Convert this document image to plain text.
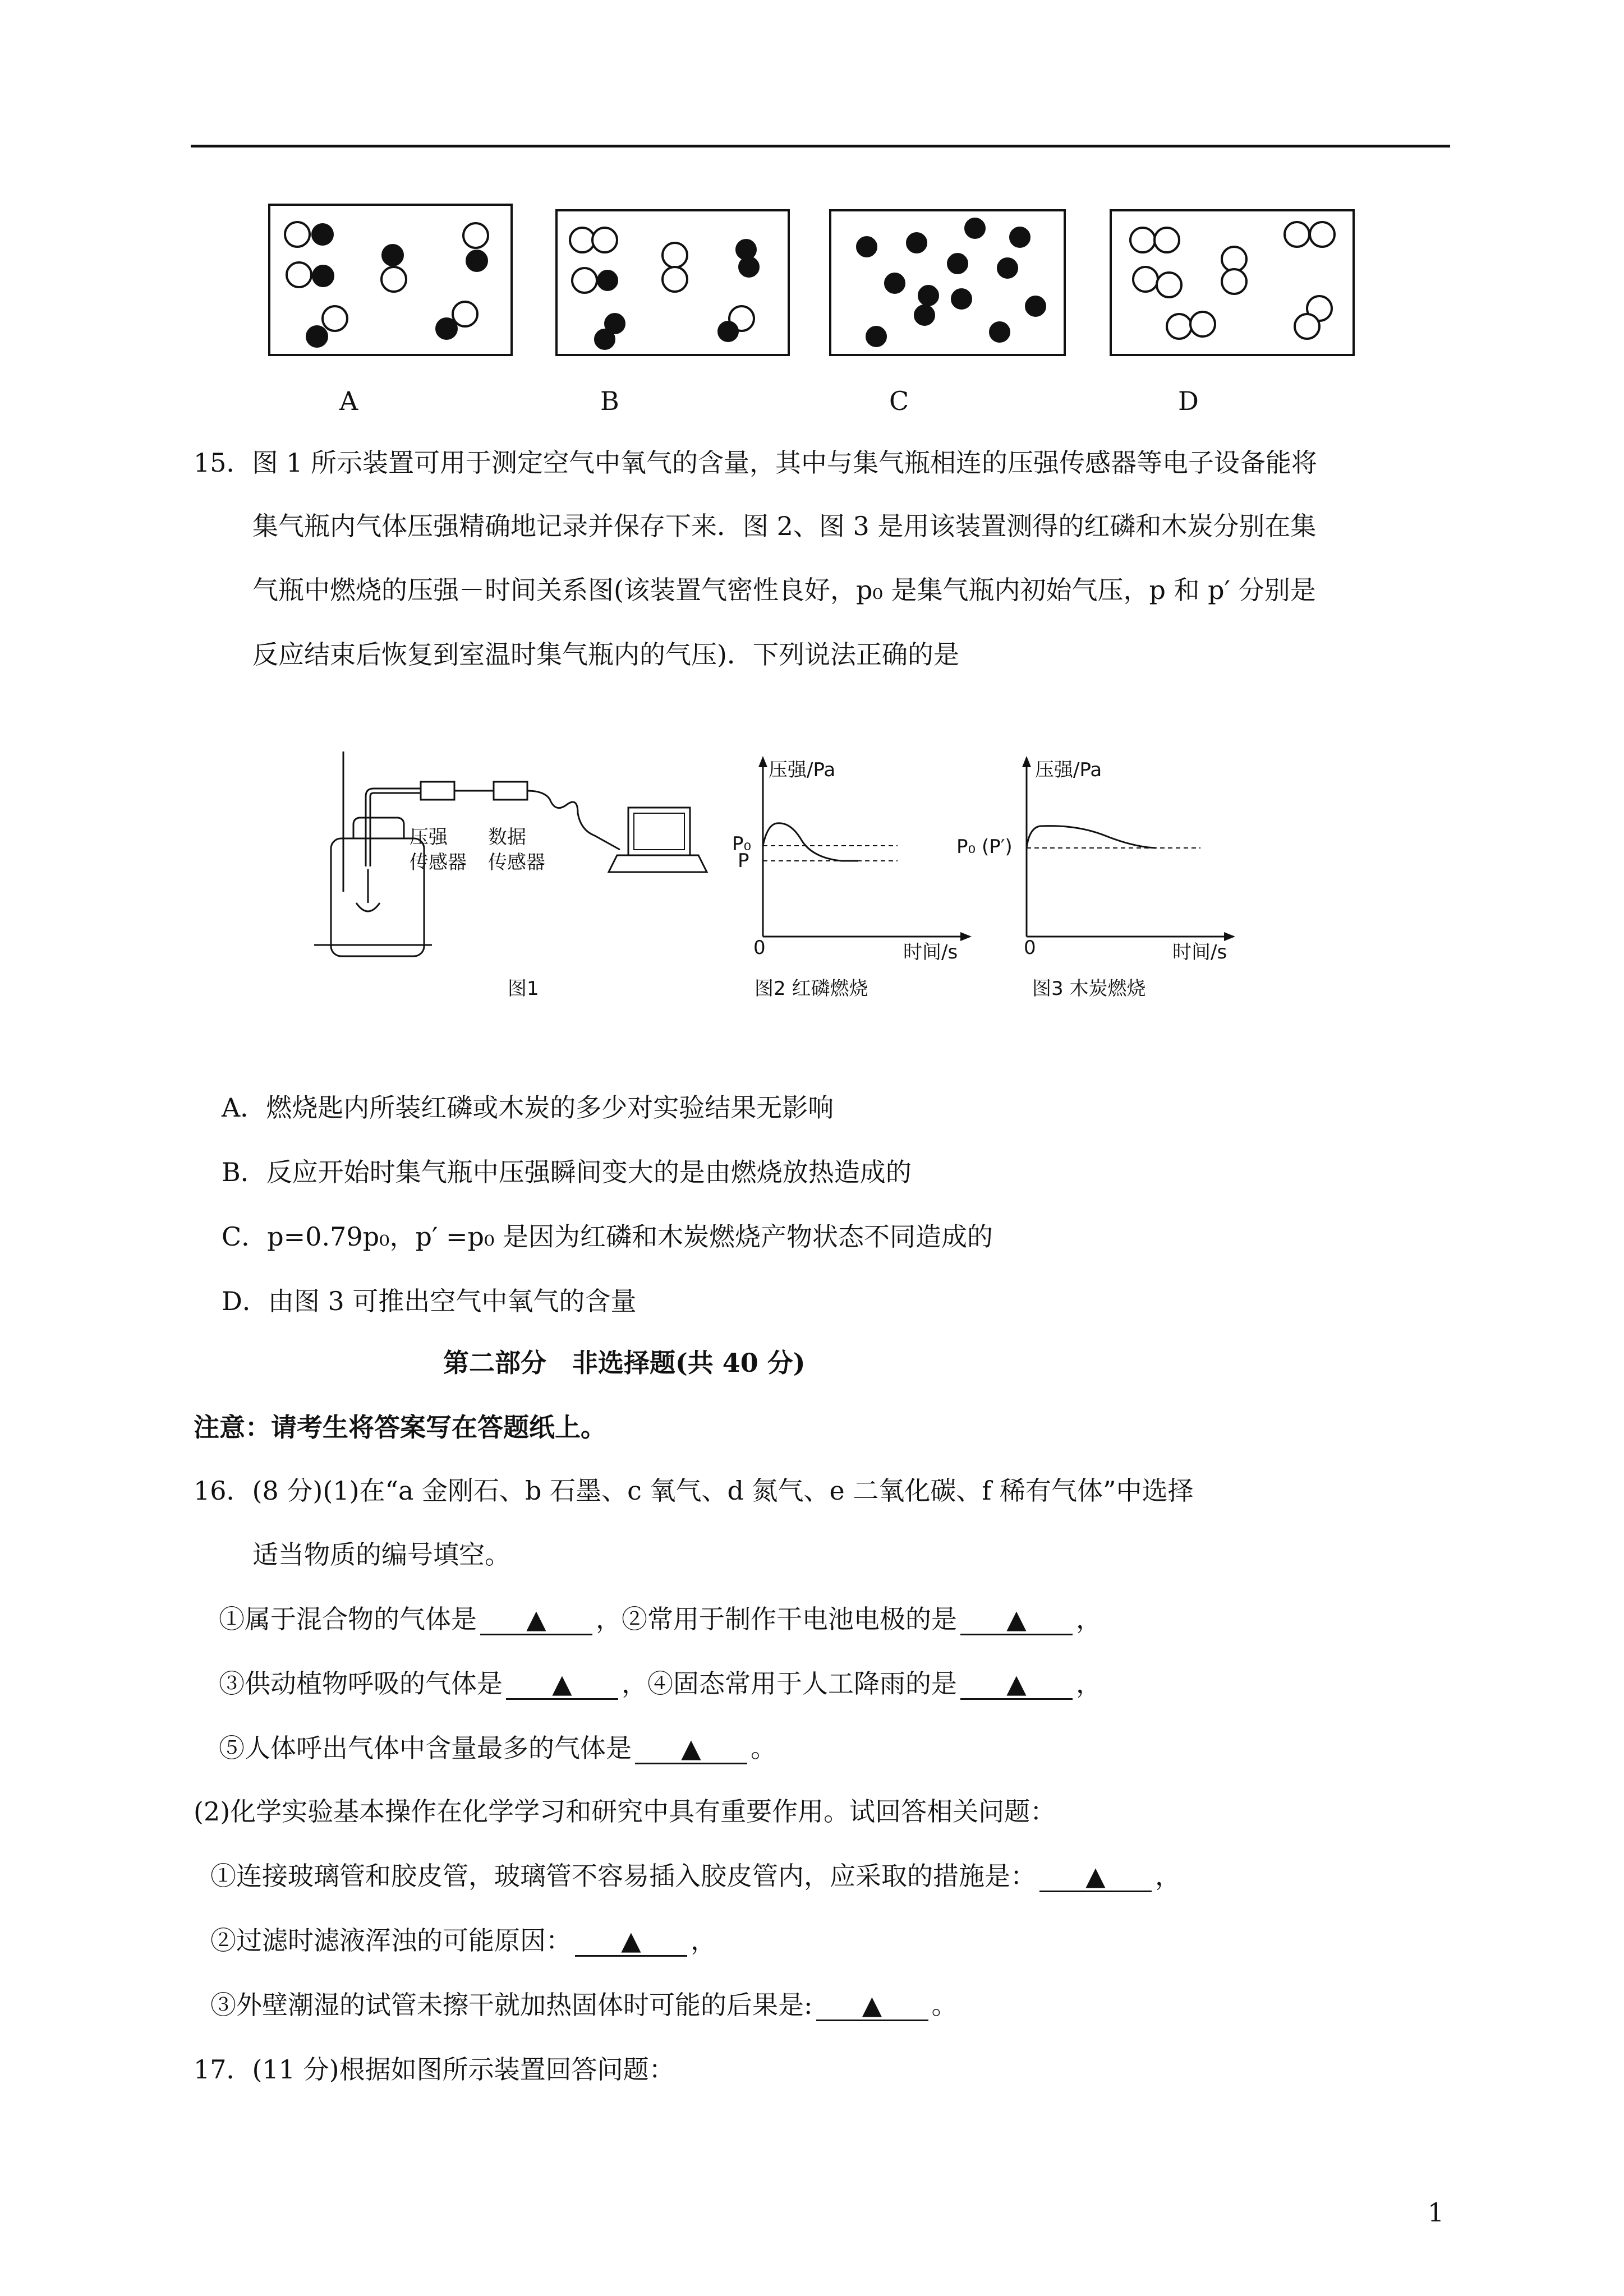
A	B	C	D
15．图 1 所示装置可用于测定空气中氧气的含量，其中与集气瓶相连的压强传感器等电子设备能将
集气瓶内气体压强精确地记录并保存下来．图 2、图 3 是用该装置测得的红磷和木炭分别在集
气瓶中燃烧的压强－时间关系图(该装置气密性良好，p₀ 是集气瓶内初始气压，p 和 p′ 分别是
反应结束后恢复到室温时集气瓶内的气压)．下列说法正确的是
压强
传感器
数据
传感器
图1
压强/Pa
P₀
P
0	时间/s
图2 红磷燃烧
压强/Pa
P₀ (P′)
0	时间/s
图3 木炭燃烧
A．燃烧匙内所装红磷或木炭的多少对实验结果无影响
B．反应开始时集气瓶中压强瞬间变大的是由燃烧放热造成的
C．p=0.79p₀，p′ =p₀ 是因为红磷和木炭燃烧产物状态不同造成的
D．由图 3 可推出空气中氧气的含量
第二部分　非选择题(共 40 分)
注意：请考生将答案写在答题纸上。
16．(8 分)(1)在“a 金刚石、b 石墨、c 氧气、d 氮气、e 二氧化碳、f 稀有气体”中选择
适当物质的编号填空。
①属于混合物的气体是 ▲ ，②常用于制作干电池电极的是 ▲ ，
③供动植物呼吸的气体是 ▲ ，④固态常用于人工降雨的是 ▲ ，
⑤人体呼出气体中含量最多的气体是 ▲ 。
(2)化学实验基本操作在化学学习和研究中具有重要作用。试回答相关问题：
①连接玻璃管和胶皮管，玻璃管不容易插入胶皮管内，应采取的措施是： ▲ ，
②过滤时滤液浑浊的可能原因： ▲ ，
③外壁潮湿的试管未擦干就加热固体时可能的后果是: ▲ 。
17．(11 分)根据如图所示装置回答问题：
1
